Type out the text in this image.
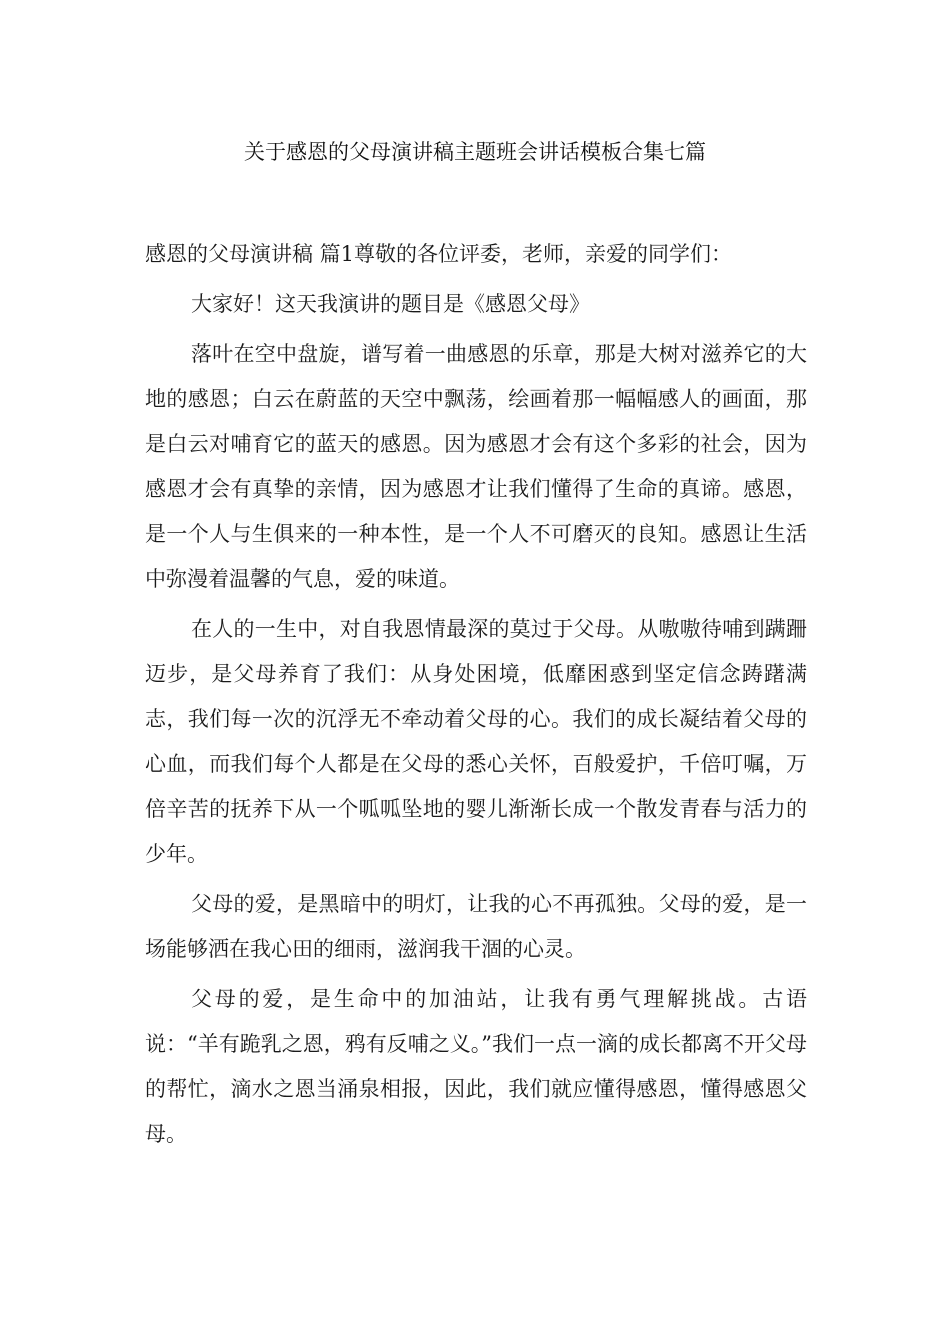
关于感恩的父母演讲稿主题班会讲话模板合集七篇

感恩的父母演讲稿 篇1尊敬的各位评委，老师，亲爱的同学们：

大家好！这天我演讲的题目是《感恩父母》

落叶在空中盘旋，谱写着一曲感恩的乐章，那是大树对滋养它的大地的感恩；白云在蔚蓝的天空中飘荡，绘画着那一幅幅感人的画面，那是白云对哺育它的蓝天的感恩。因为感恩才会有这个多彩的社会，因为感恩才会有真挚的亲情，因为感恩才让我们懂得了生命的真谛。感恩，是一个人与生俱来的一种本性，是一个人不可磨灭的良知。感恩让生活中弥漫着温馨的气息，爱的味道。

在人的一生中，对自我恩情最深的莫过于父母。从嗷嗷待哺到蹒跚迈步，是父母养育了我们：从身处困境，低靡困惑到坚定信念踌躇满志，我们每一次的沉浮无不牵动着父母的心。我们的成长凝结着父母的心血，而我们每个人都是在父母的悉心关怀，百般爱护，千倍叮嘱，万倍辛苦的抚养下从一个呱呱坠地的婴儿渐渐长成一个散发青春与活力的少年。

父母的爱，是黑暗中的明灯，让我的心不再孤独。父母的爱，是一场能够洒在我心田的细雨，滋润我干涸的心灵。

父母的爱，是生命中的加油站，让我有勇气理解挑战。古语说：“羊有跪乳之恩，鸦有反哺之义。”我们一点一滴的成长都离不开父母的帮忙，滴水之恩当涌泉相报，因此，我们就应懂得感恩，懂得感恩父母。
